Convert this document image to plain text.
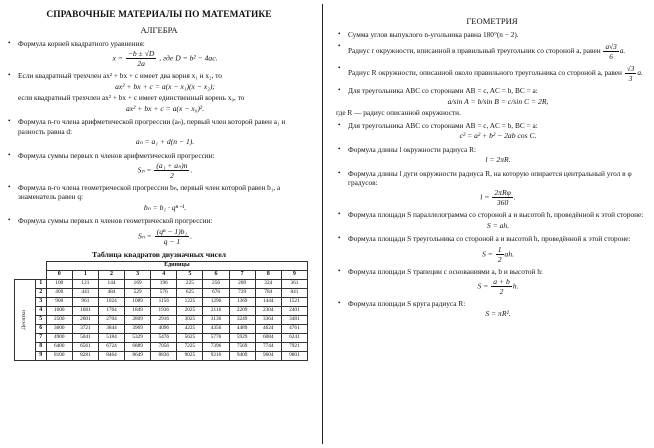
СПРАВОЧНЫЕ МАТЕРИАЛЫ ПО МАТЕМАТИКЕ
АЛГЕБРА
• Формула корней квадратного уравнения:
$x = \frac{-b \pm √D}{2a}$ , где D = b² − 4ac.
• Если квадратный трехчлен ax² + bx + c имеет два корня x₁ и x₂, то
ax² + bx + c = a(x − x₁)(x − x₂);
если квадратный трехчлен ax² + bx + c имеет единственный корень x₀, то
ax² + bx + c = a(x − x₀)².
• Формула n-го члена арифметической прогрессии (aₙ), первый член которой равен a₁ и разность равна d:
aₙ = a₁ + d(n − 1).
• Формула суммы первых n членов арифметической прогрессии:
$S_n = \frac{\text{(a₁ + aₙ)n}}{2}$ .
• Формула n-го члена геометрической прогрессии bₙ, первый член которой равен b₁, а знаменатель равен q:
bₙ = b₁ · qⁿ⁻¹.
• Формула суммы первых n членов геометрической прогрессии:
$S_n = \frac{\text{(qⁿ − 1)b₁}}{q - 1}$ .
Таблица квадратов двузначных чисел
		Единицы									
		0	1	2	3	4	5	6	7	8	9
Десятки	1	100	121	144	169	196	225	256	289	324	361
	2	400	441	484	529	576	625	676	729	784	841
	3	900	961	1024	1089	1156	1225	1296	1369	1444	1521
	4	1600	1681	1764	1849	1936	2025	2116	2209	2304	2401
	5	2500	2601	2704	2809	2916	3025	3136	3249	3364	3481
	6	3600	3721	3844	3969	4096	4225	4356	4489	4624	4761
	7	4900	5041	5184	5329	5476	5625	5776	5929	6084	6241
	8	6400	6561	6724	6889	7056	7225	7396	7569	7744	7921
	9	8100	8281	8464	8649	8836	9025	9216	9409	9604	9801
ГЕОМЕТРИЯ
• Сумма углов выпуклого n-угольника равна 180°(n − 2).
•
Радиус r окружности, вписанной в правильный треугольник со стороной a, равен $\frac{a√3}{6} a$.
•
Радиус R окружности, описанной около правильного треугольника со стороной a, равен $\frac{√3}{3} a$.
• Для треугольника ABC со сторонами AB = c, AC = b, BC = a:
a/sin A = b/sin B = c/sin C = 2R,
где R — радиус описанной окружности.
• Для треугольника ABC со сторонами AB = c, AC = b, BC = a:
c² = a² + b² − 2ab cos C.
• Формула длины l окружности радиуса R:
l = 2πR.
• Формула длины l дуги окружности радиуса R, на которую опирается центральный угол в φ градусов:
$l = \frac{\text{2πRφ}}{360}$ .
• Формула площади S параллелограмма со стороной a и высотой h, проведённой к этой стороне:
S = ah.
• Формула площади S треугольника со стороной a и высотой h, проведённой к этой стороне:
$S = \frac{1}{2}$ ah.
• Формула площади S трапеции с основаниями a, b и высотой h:
$S = \frac{a + b}{2} h$.
• Формула площади S круга радиуса R:
S = πR².
